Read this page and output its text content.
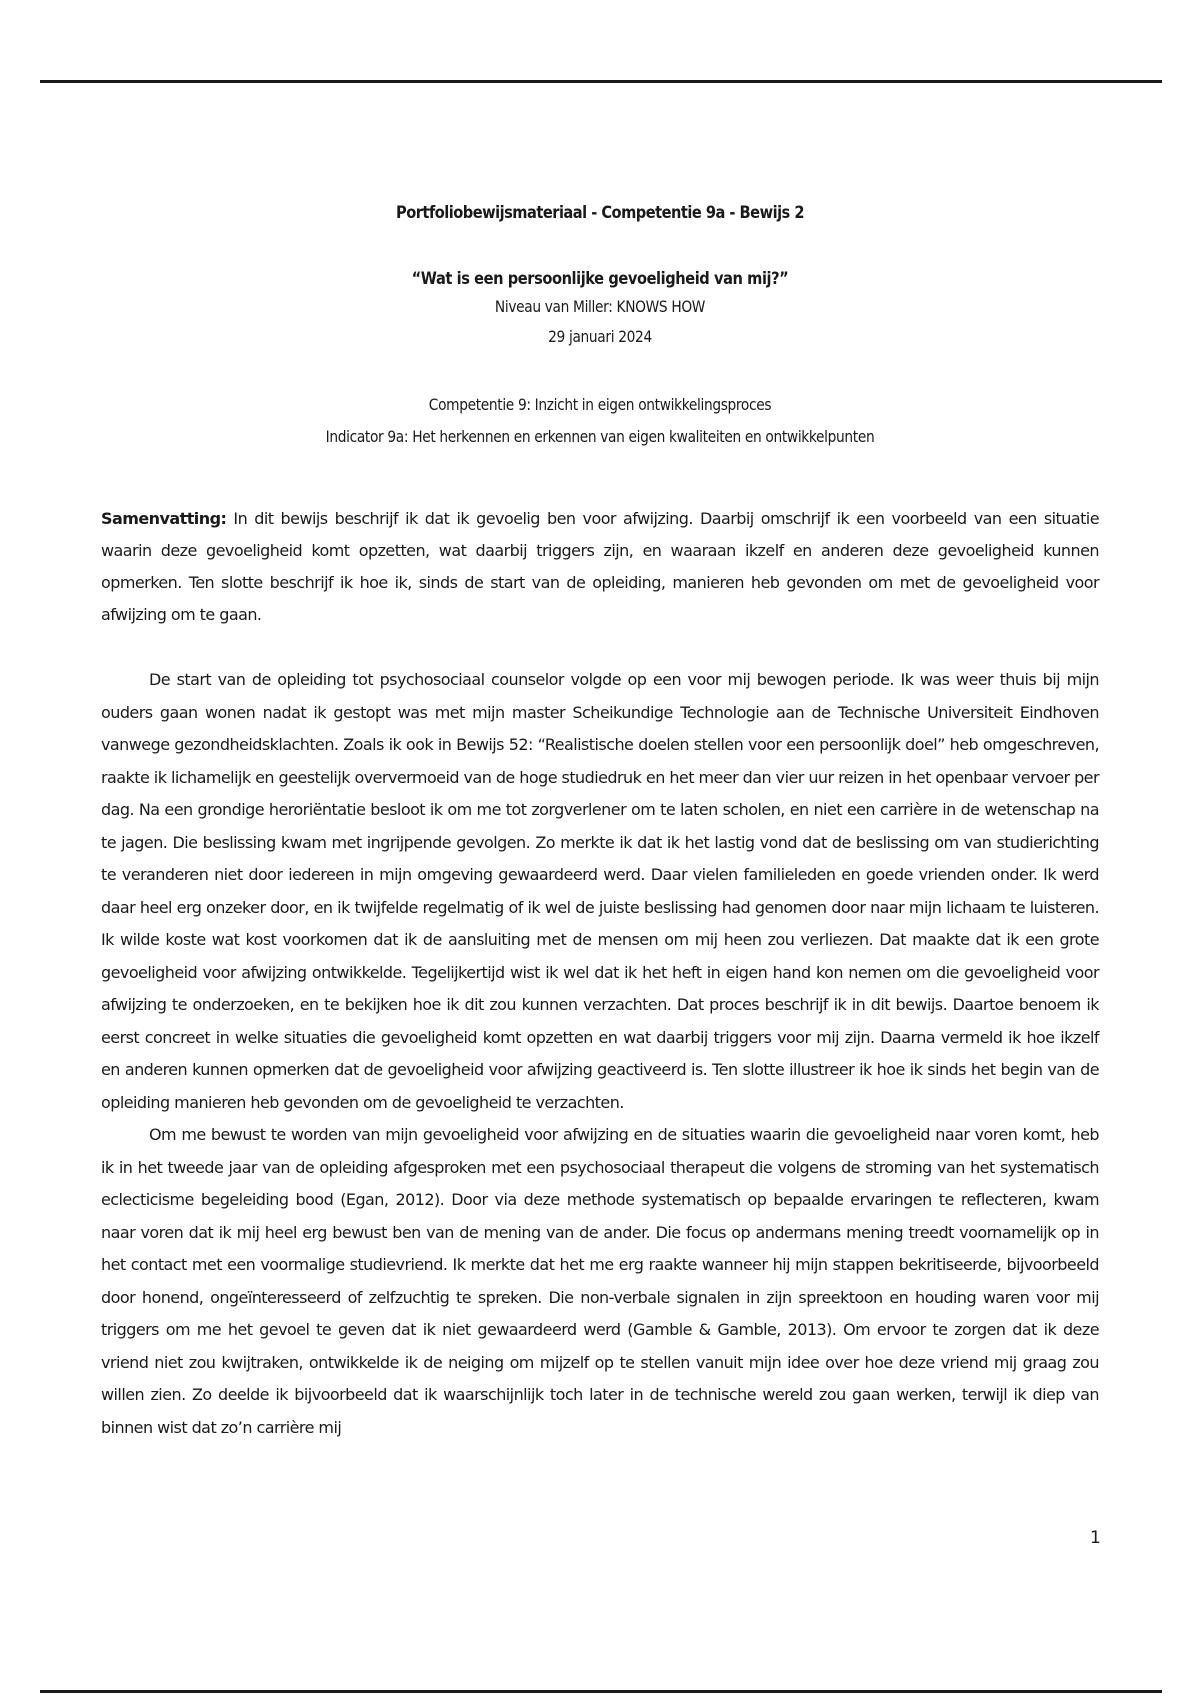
Portfoliobewijsmateriaal - Competentie 9a - Bewijs 2

“Wat is een persoonlijke gevoeligheid van mij?”

Niveau van Miller: KNOWS HOW

29 januari 2024

Competentie 9: Inzicht in eigen ontwikkelingsproces

Indicator 9a: Het herkennen en erkennen van eigen kwaliteiten en ontwikkelpunten

Samenvatting: In dit bewijs beschrijf ik dat ik gevoelig ben voor afwijzing. Daarbij omschrijf ik een voorbeeld van een situatie waarin deze gevoeligheid komt opzetten, wat daarbij triggers zijn, en waaraan ikzelf en anderen deze gevoeligheid kunnen opmerken. Ten slotte beschrijf ik hoe ik, sinds de start van de opleiding, manieren heb gevonden om met de gevoeligheid voor afwijzing om te gaan.

De start van de opleiding tot psychosociaal counselor volgde op een voor mij bewogen periode. Ik was weer thuis bij mijn ouders gaan wonen nadat ik gestopt was met mijn master Scheikundige Technologie aan de Technische Universiteit Eindhoven vanwege gezondheidsklachten. Zoals ik ook in Bewijs 52: “Realistische doelen stellen voor een persoonlijk doel” heb omgeschreven, raakte ik lichamelijk en geestelijk oververmoeid van de hoge studiedruk en het meer dan vier uur reizen in het openbaar vervoer per dag. Na een grondige heroriëntatie besloot ik om me tot zorgverlener om te laten scholen, en niet een carrière in de wetenschap na te jagen. Die beslissing kwam met ingrijpende gevolgen. Zo merkte ik dat ik het lastig vond dat de beslissing om van studierichting te veranderen niet door iedereen in mijn omgeving gewaardeerd werd. Daar vielen familieleden en goede vrienden onder. Ik werd daar heel erg onzeker door, en ik twijfelde regelmatig of ik wel de juiste beslissing had genomen door naar mijn lichaam te luisteren. Ik wilde koste wat kost voorkomen dat ik de aansluiting met de mensen om mij heen zou verliezen. Dat maakte dat ik een grote gevoeligheid voor afwijzing ontwikkelde. Tegelijkertijd wist ik wel dat ik het heft in eigen hand kon nemen om die gevoeligheid voor afwijzing te onderzoeken, en te bekijken hoe ik dit zou kunnen verzachten. Dat proces beschrijf ik in dit bewijs. Daartoe benoem ik eerst concreet in welke situaties die gevoeligheid komt opzetten en wat daarbij triggers voor mij zijn. Daarna vermeld ik hoe ikzelf en anderen kunnen opmerken dat de gevoeligheid voor afwijzing geactiveerd is. Ten slotte illustreer ik hoe ik sinds het begin van de opleiding manieren heb gevonden om de gevoeligheid te verzachten.

Om me bewust te worden van mijn gevoeligheid voor afwijzing en de situaties waarin die gevoeligheid naar voren komt, heb ik in het tweede jaar van de opleiding afgesproken met een psychosociaal therapeut die volgens de stroming van het systematisch eclecticisme begeleiding bood (Egan, 2012). Door via deze methode systematisch op bepaalde ervaringen te reflecteren, kwam naar voren dat ik mij heel erg bewust ben van de mening van de ander. Die focus op andermans mening treedt voornamelijk op in het contact met een voormalige studievriend. Ik merkte dat het me erg raakte wanneer hij mijn stappen bekritiseerde, bijvoorbeeld door honend, ongeïnteresseerd of zelfzuchtig te spreken. Die non-verbale signalen in zijn spreektoon en houding waren voor mij triggers om me het gevoel te geven dat ik niet gewaardeerd werd (Gamble & Gamble, 2013). Om ervoor te zorgen dat ik deze vriend niet zou kwijtraken, ontwikkelde ik de neiging om mijzelf op te stellen vanuit mijn idee over hoe deze vriend mij graag zou willen zien. Zo deelde ik bijvoorbeeld dat ik waarschijnlijk toch later in de technische wereld zou gaan werken, terwijl ik diep van binnen wist dat zo’n carrière mij

1
